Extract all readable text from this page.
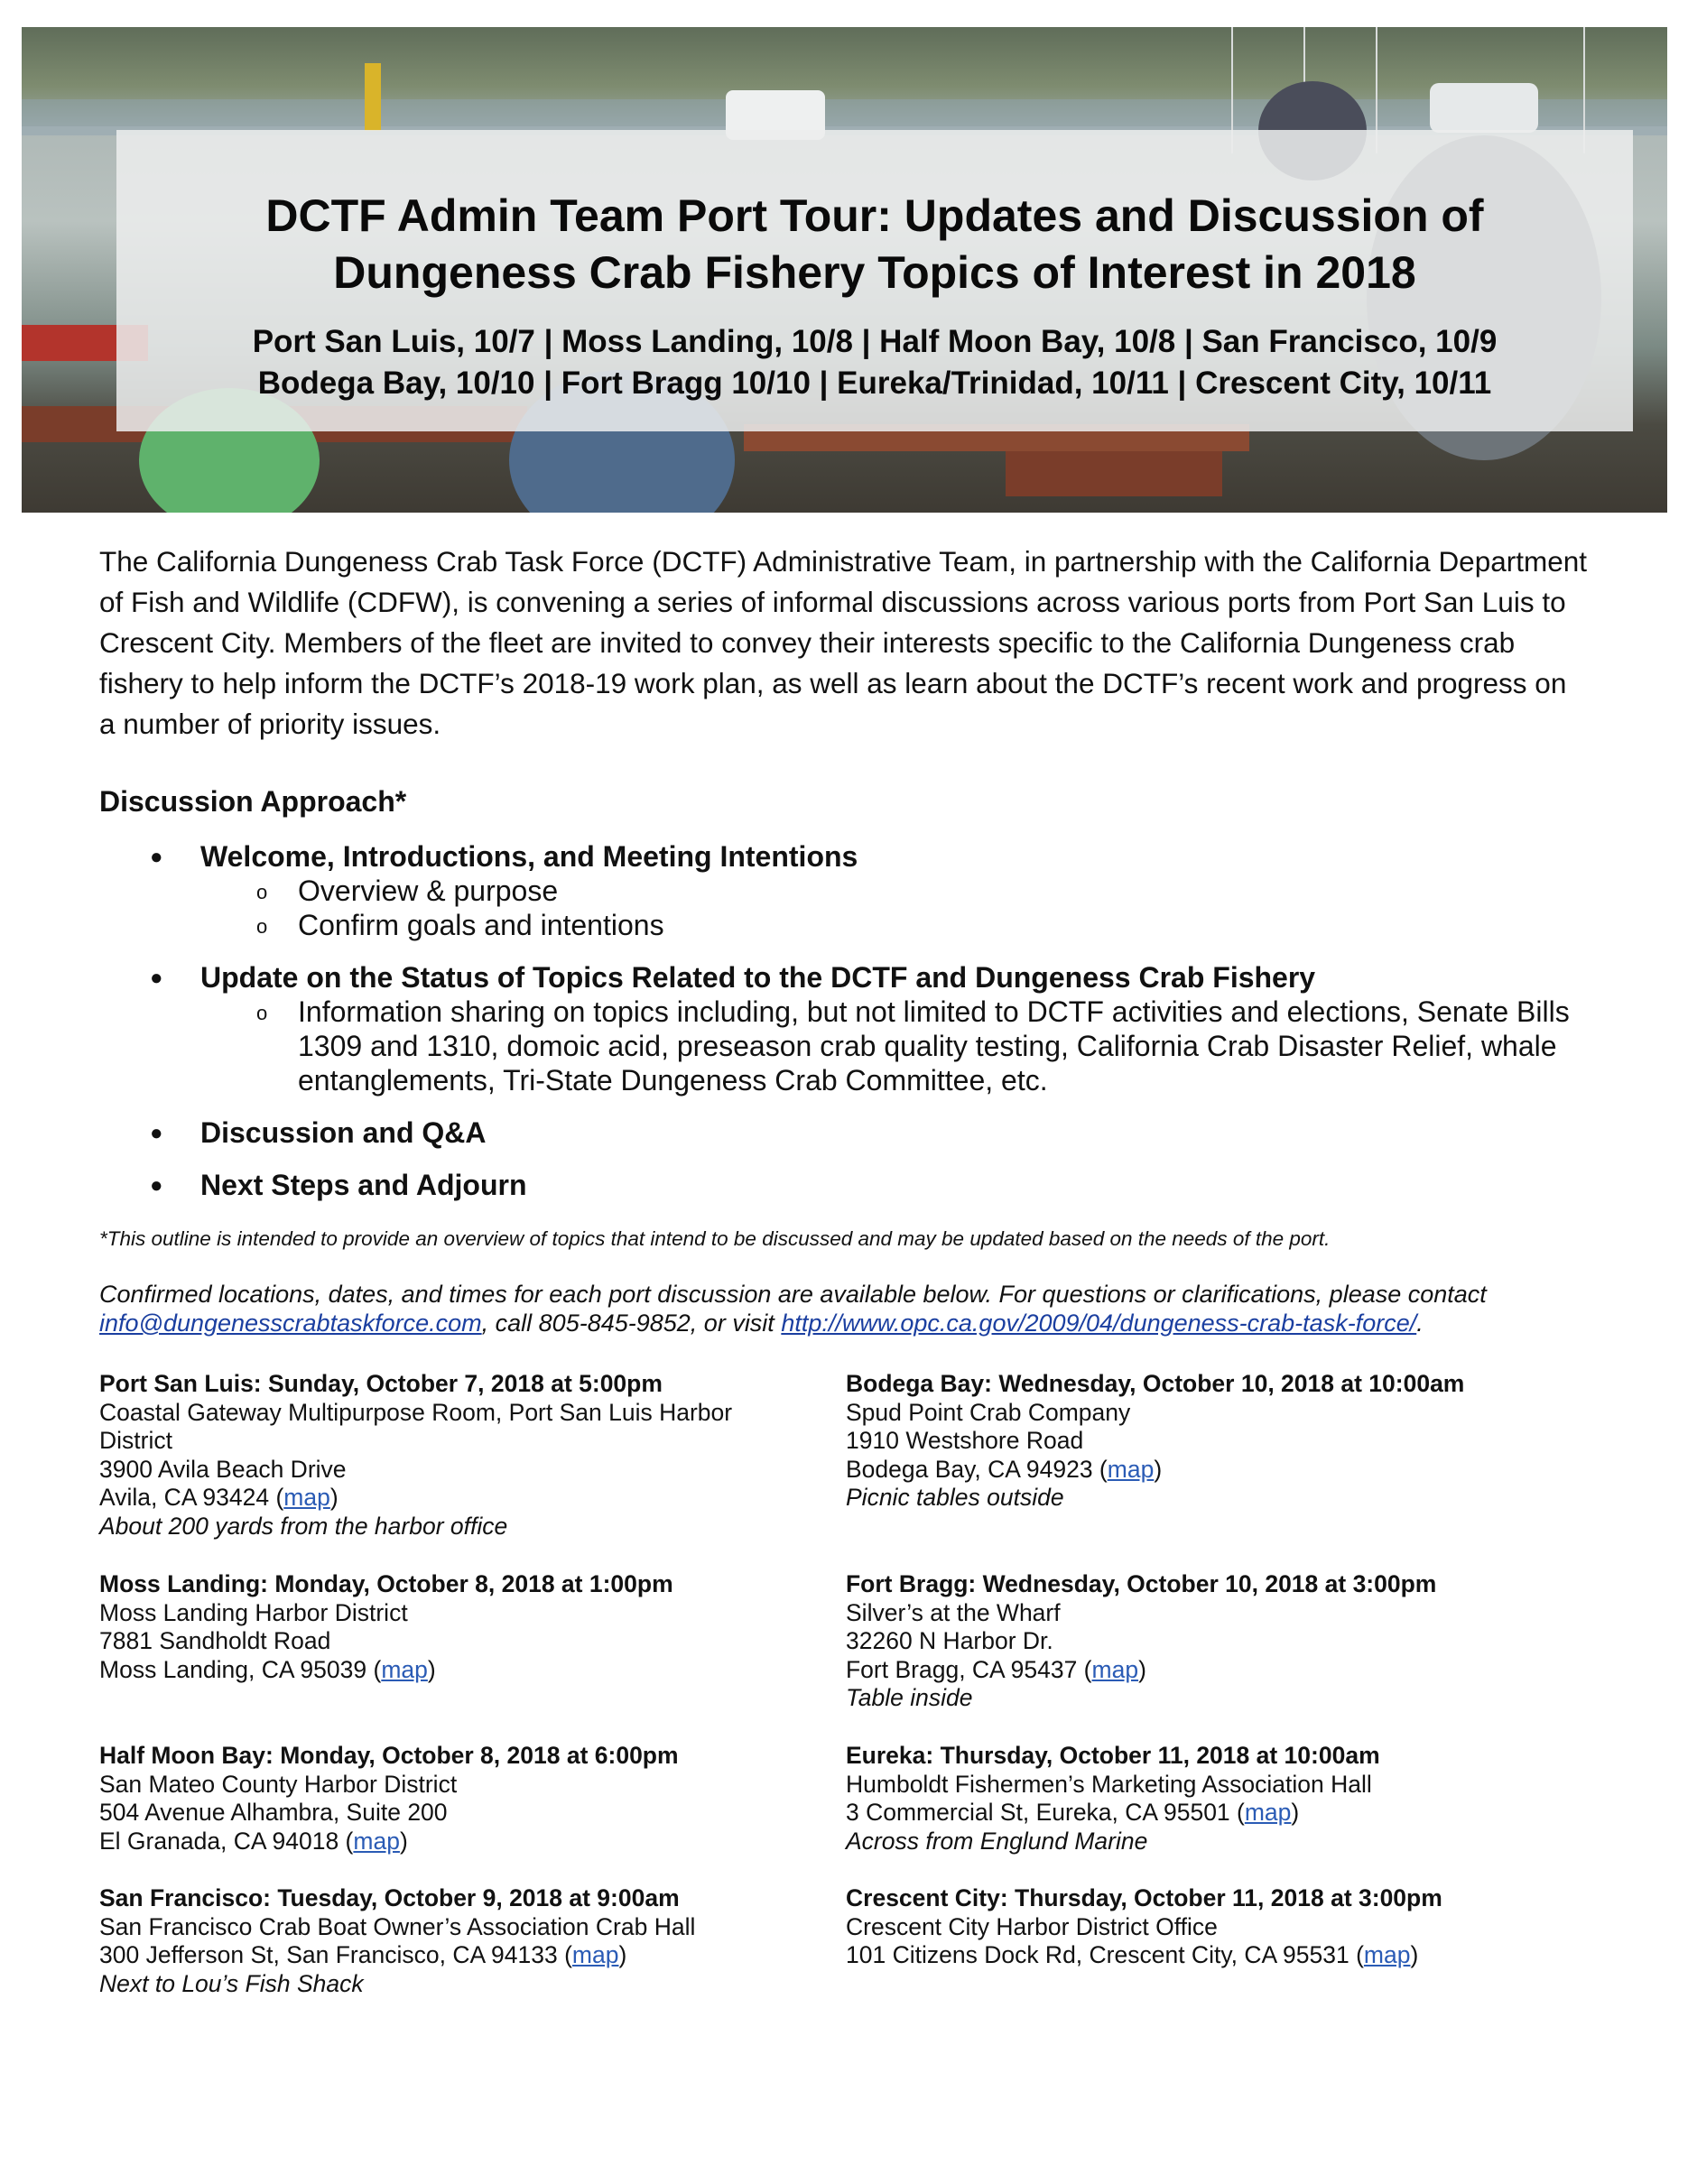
DCTF Admin Team Port Tour: Updates and Discussion of
Dungeness Crab Fishery Topics of Interest in 2018

Port San Luis, 10/7 | Moss Landing, 10/8 | Half Moon Bay, 10/8 | San Francisco, 10/9
Bodega Bay, 10/10 | Fort Bragg 10/10 | Eureka/Trinidad, 10/11 | Crescent City, 10/11

The California Dungeness Crab Task Force (DCTF) Administrative Team, in partnership with the California Department of Fish and Wildlife (CDFW), is convening a series of informal discussions across various ports from Port San Luis to Crescent City. Members of the fleet are invited to convey their interests specific to the California Dungeness crab fishery to help inform the DCTF’s 2018-19 work plan, as well as learn about the DCTF’s recent work and progress on a number of priority issues.

Discussion Approach*
● Welcome, Introductions, and Meeting Intentions
o Overview & purpose
o Confirm goals and intentions
● Update on the Status of Topics Related to the DCTF and Dungeness Crab Fishery
o Information sharing on topics including, but not limited to DCTF activities and elections, Senate Bills 1309 and 1310, domoic acid, preseason crab quality testing, California Crab Disaster Relief, whale entanglements, Tri-State Dungeness Crab Committee, etc.
● Discussion and Q&A
● Next Steps and Adjourn

*This outline is intended to provide an overview of topics that intend to be discussed and may be updated based on the needs of the port.

Confirmed locations, dates, and times for each port discussion are available below. For questions or clarifications, please contact info@dungenesscrabtaskforce.com, call 805-845-9852, or visit http://www.opc.ca.gov/2009/04/dungeness-crab-task-force/.

Port San Luis: Sunday, October 7, 2018 at 5:00pm
Coastal Gateway Multipurpose Room, Port San Luis Harbor
District
3900 Avila Beach Drive
Avila, CA 93424 (map)
About 200 yards from the harbor office
Moss Landing: Monday, October 8, 2018 at 1:00pm
Moss Landing Harbor District
7881 Sandholdt Road
Moss Landing, CA 95039 (map)
Half Moon Bay: Monday, October 8, 2018 at 6:00pm
San Mateo County Harbor District
504 Avenue Alhambra, Suite 200
El Granada, CA 94018 (map)
San Francisco: Tuesday, October 9, 2018 at 9:00am
San Francisco Crab Boat Owner’s Association Crab Hall
300 Jefferson St, San Francisco, CA 94133 (map)
Next to Lou’s Fish Shack
Bodega Bay: Wednesday, October 10, 2018 at 10:00am
Spud Point Crab Company
1910 Westshore Road
Bodega Bay, CA 94923 (map)
Picnic tables outside
Fort Bragg: Wednesday, October 10, 2018 at 3:00pm
Silver’s at the Wharf
32260 N Harbor Dr.
Fort Bragg, CA 95437 (map)
Table inside
Eureka: Thursday, October 11, 2018 at 10:00am
Humboldt Fishermen’s Marketing Association Hall
3 Commercial St, Eureka, CA 95501 (map)
Across from Englund Marine
Crescent City: Thursday, October 11, 2018 at 3:00pm
Crescent City Harbor District Office
101 Citizens Dock Rd, Crescent City, CA 95531 (map)
